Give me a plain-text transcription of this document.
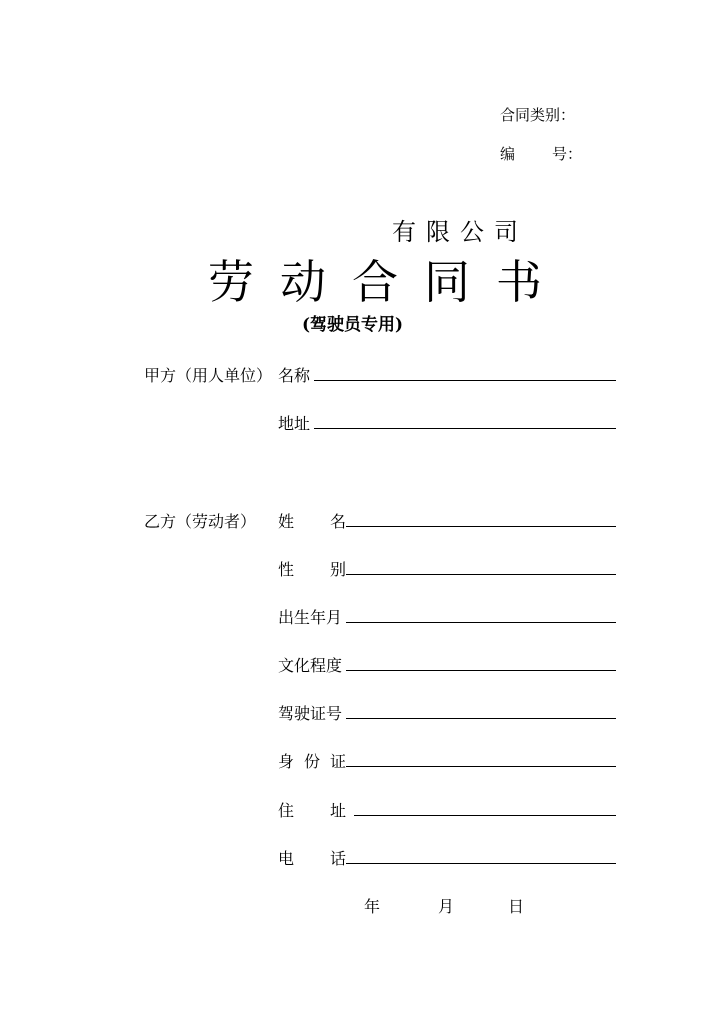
合同类别：
编 号：
有限公司
劳动合同书
(驾驶员专用)
甲方（用人单位） 名称
地址
乙方（劳动者） 姓 名
性 别
出生年月
文化程度
驾驶证号
身 份 证
住 址
电 话
年	月	日
